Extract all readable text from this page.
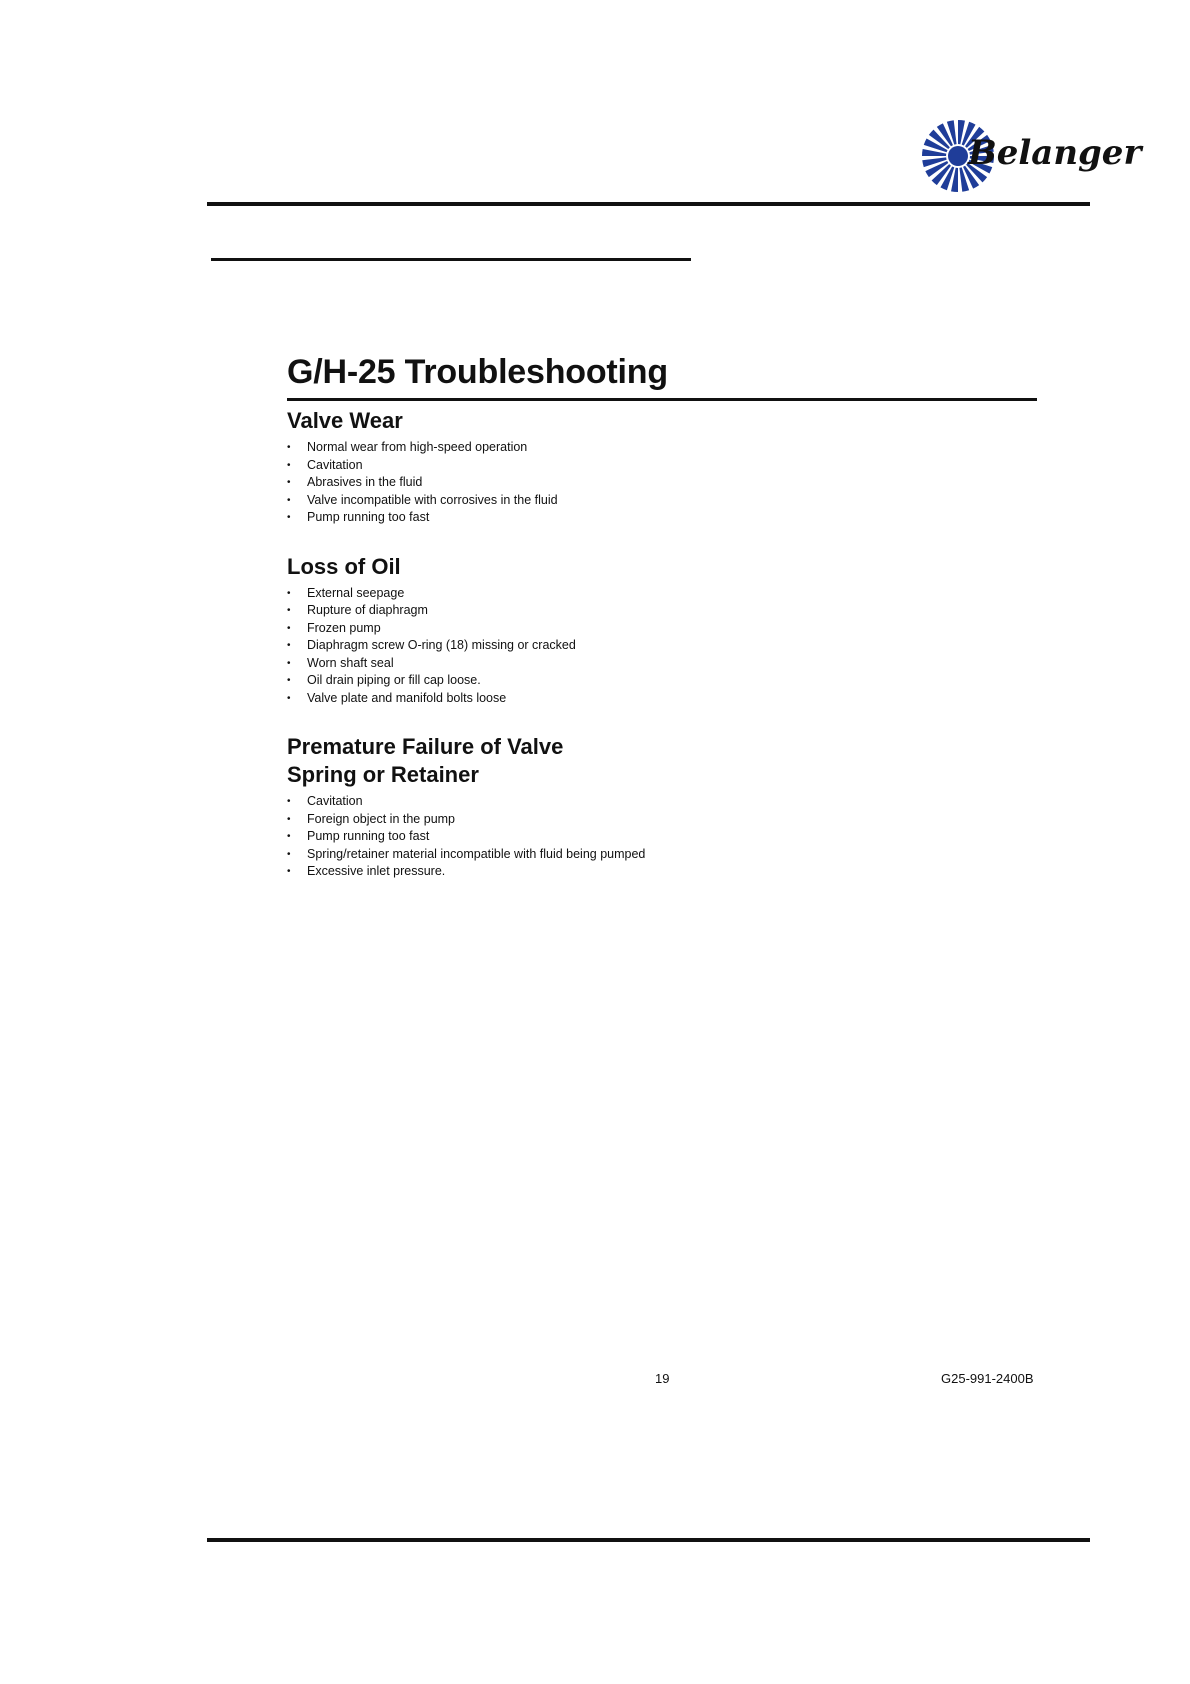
Belanger
G/H-25 Troubleshooting
Valve Wear
• Normal wear from high-speed operation
• Cavitation
• Abrasives in the fluid
• Valve incompatible with corrosives in the fluid
• Pump running too fast
Loss of Oil
• External seepage
• Rupture of diaphragm
• Frozen pump
• Diaphragm screw O-ring (18) missing or cracked
• Worn shaft seal
• Oil drain piping or fill cap loose.
• Valve plate and manifold bolts loose
Premature Failure of Valve
Spring or Retainer
• Cavitation
• Foreign object in the pump
• Pump running too fast
• Spring/retainer material incompatible with fluid being pumped
• Excessive inlet pressure.
19	G25-991-2400B
